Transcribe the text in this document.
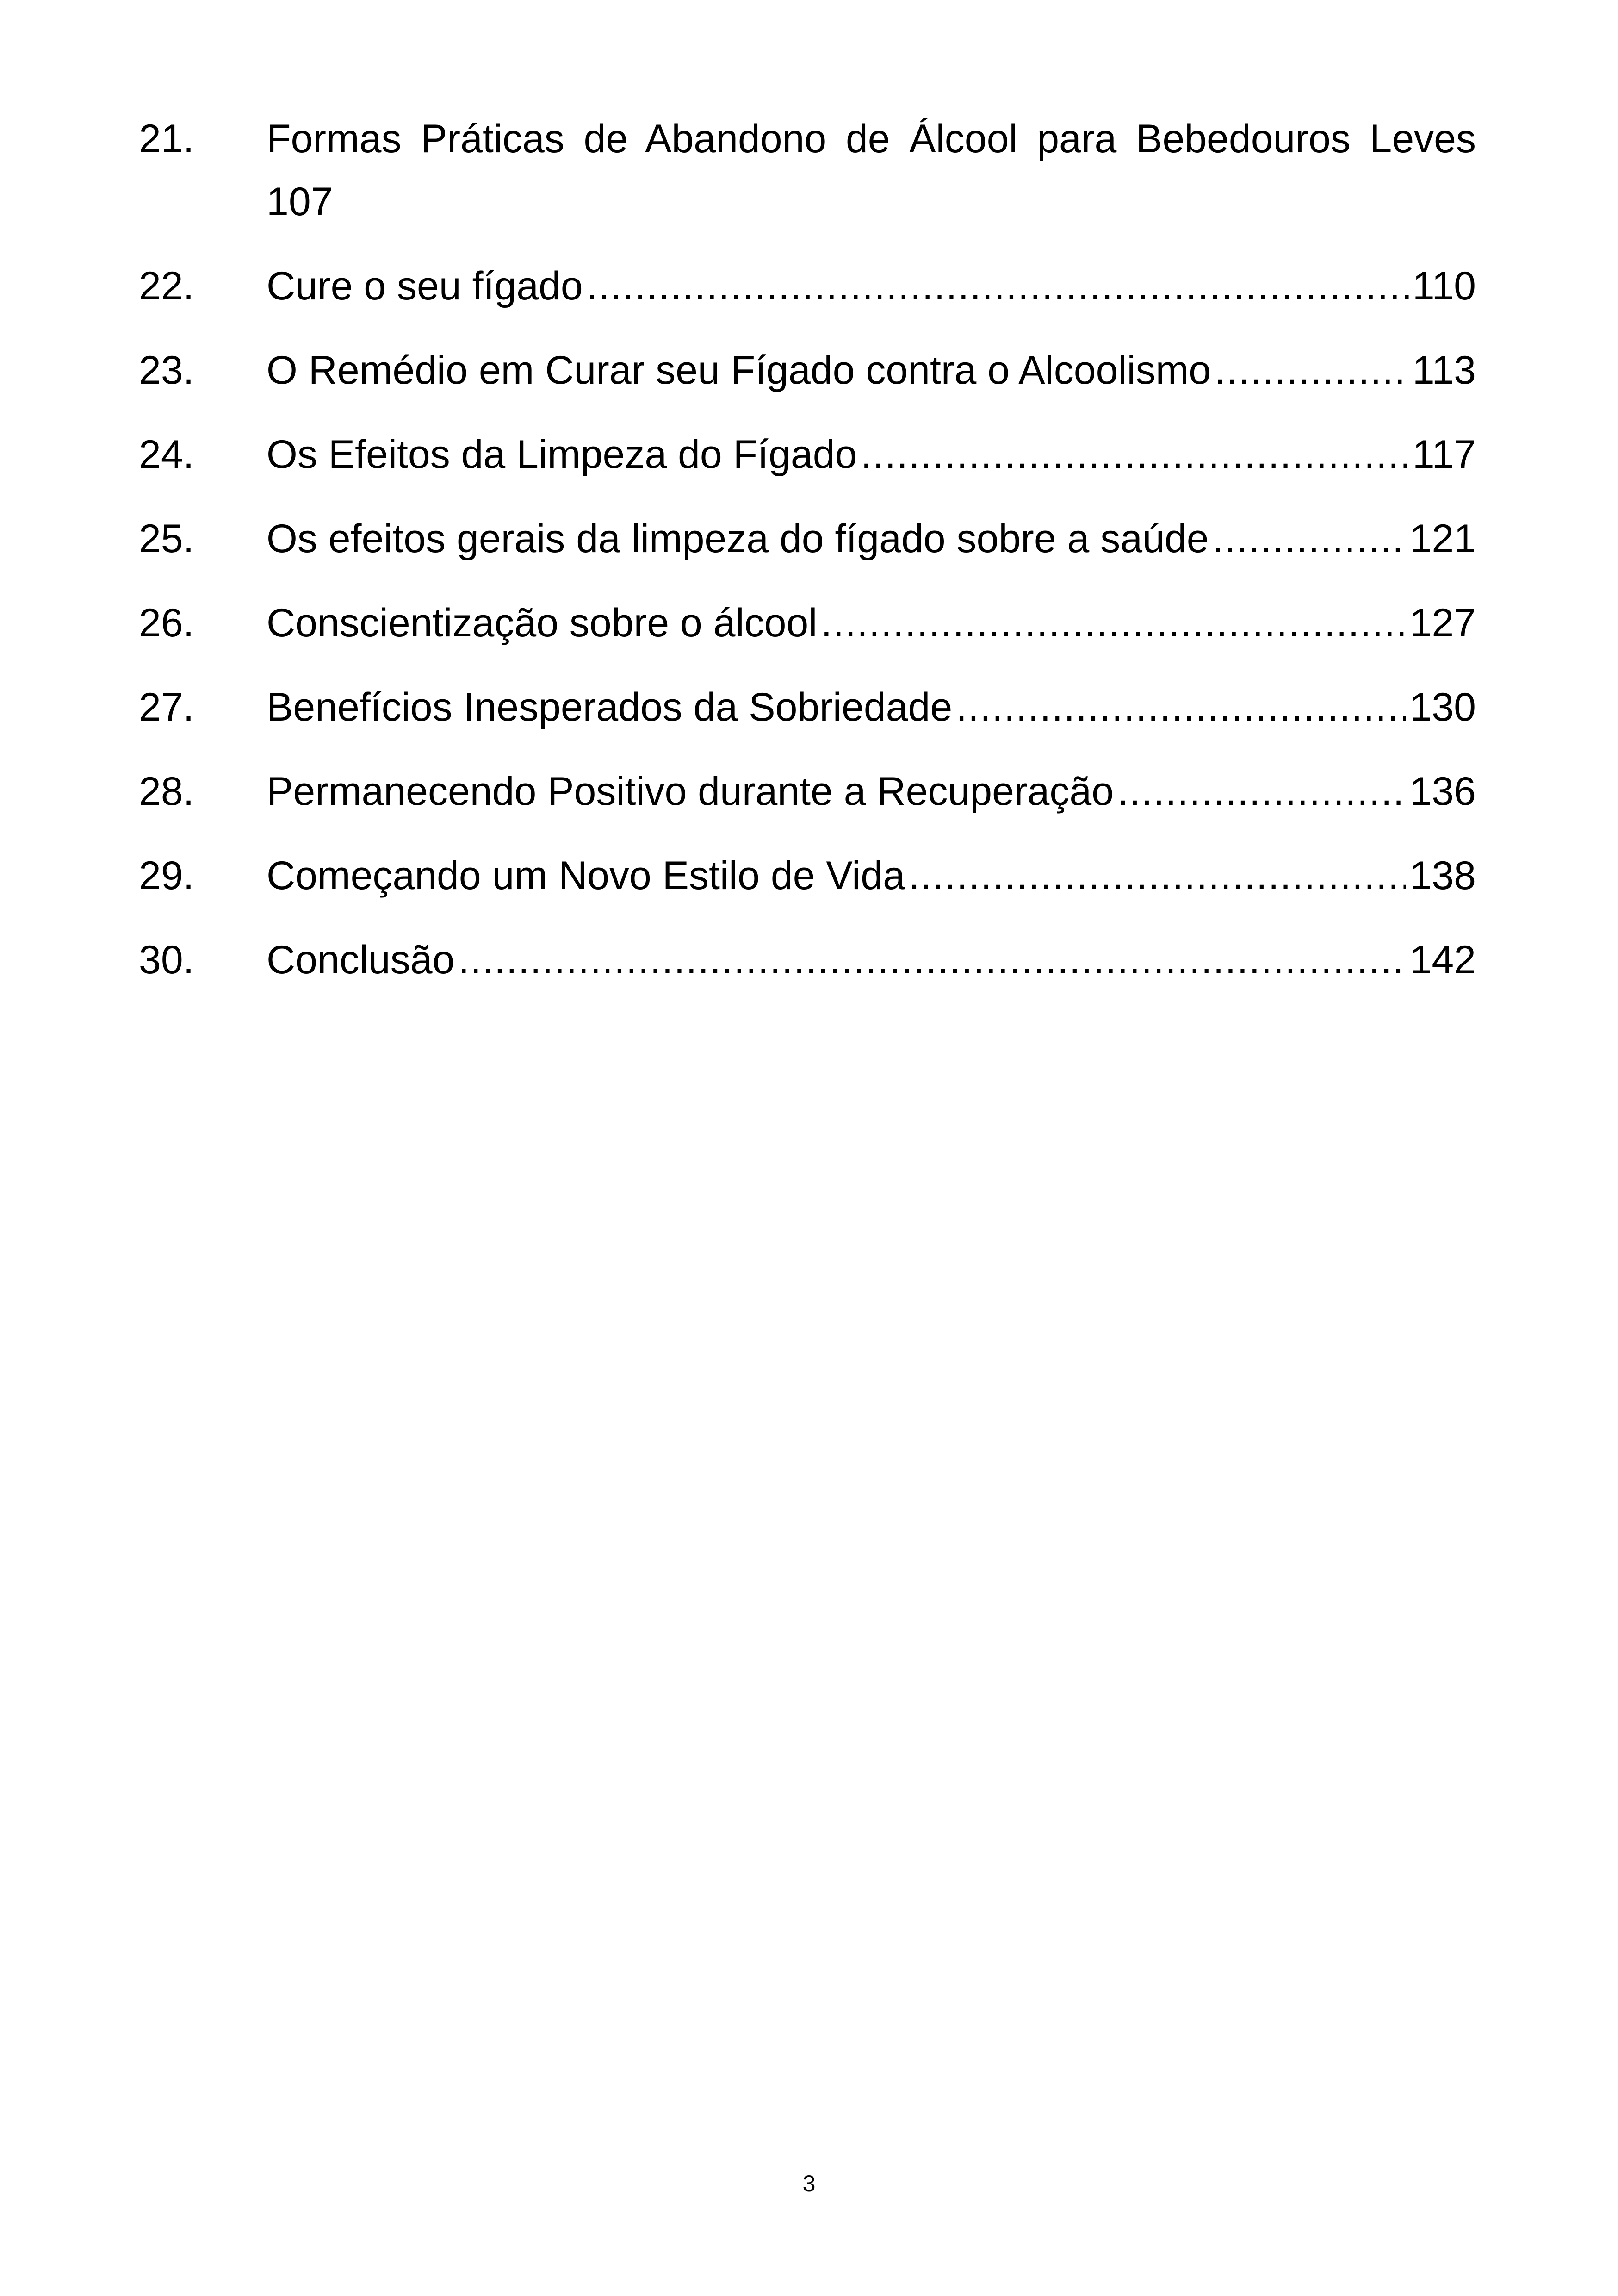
21.	Formas Práticas de Abandono de Álcool para Bebedouros Leves
107
22.	Cure o seu fígado .....	110
23.	O Remédio em Curar seu Fígado contra o Alcoolismo .....	113
24.	Os Efeitos da Limpeza do Fígado .....	117
25.	Os efeitos gerais da limpeza do fígado sobre a saúde .....	121
26.	Conscientização sobre o álcool .....	127
27.	Benefícios Inesperados da Sobriedade .....	130
28.	Permanecendo Positivo durante a Recuperação .....	136
29.	Começando um Novo Estilo de Vida .....	138
30.	Conclusão .....	142
3
